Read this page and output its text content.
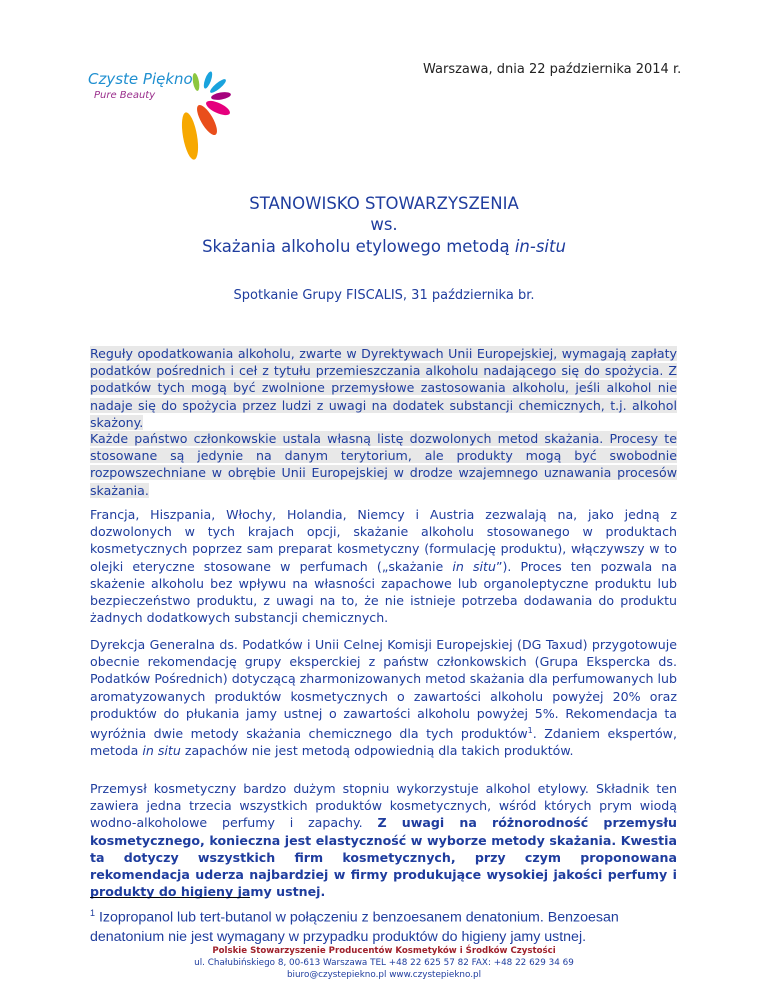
Czyste Piękno
Pure Beauty
Warszawa, dnia 22 października 2014 r.
STANOWISKO STOWARZYSZENIA
ws.
Skażania alkoholu etylowego metodą in-situ
Spotkanie Grupy FISCALIS, 31 października br.
Reguły opodatkowania alkoholu, zwarte w Dyrektywach Unii Europejskiej, wymagają zapłaty podatków pośrednich i ceł z tytułu przemieszczania alkoholu nadającego się do spożycia. Z podatków tych mogą być zwolnione przemysłowe zastosowania alkoholu, jeśli alkohol nie nadaje się do spożycia przez ludzi z uwagi na dodatek substancji chemicznych, t.j. alkohol skażony.
Każde państwo członkowskie ustala własną listę dozwolonych metod skażania. Procesy te stosowane są jedynie na danym terytorium, ale produkty mogą być swobodnie rozpowszechniane w obrębie Unii Europejskiej w drodze wzajemnego uznawania procesów skażania.
Francja, Hiszpania, Włochy, Holandia, Niemcy i Austria zezwalają na, jako jedną z dozwolonych w tych krajach opcji, skażanie alkoholu stosowanego w produktach kosmetycznych poprzez sam preparat kosmetyczny (formulację produktu), włączywszy w to olejki eteryczne stosowane w perfumach („skażanie in situ”). Proces ten pozwala na skażenie alkoholu bez wpływu na własności zapachowe lub organoleptyczne produktu lub bezpieczeństwo produktu, z uwagi na to, że nie istnieje potrzeba dodawania do produktu żadnych dodatkowych substancji chemicznych.
Dyrekcja Generalna ds. Podatków i Unii Celnej Komisji Europejskiej (DG Taxud) przygotowuje obecnie rekomendację grupy eksperckiej z państw członkowskich (Grupa Ekspercka ds. Podatków Pośrednich) dotyczącą zharmonizowanych metod skażania dla perfumowanych lub aromatyzowanych produktów kosmetycznych o zawartości alkoholu powyżej 20% oraz produktów do płukania jamy ustnej o zawartości alkoholu powyżej 5%. Rekomendacja ta wyróżnia dwie metody skażania chemicznego dla tych produktów$^1$. Zdaniem ekspertów, metoda in situ zapachów nie jest metodą odpowiednią dla takich produktów.
Przemysł kosmetyczny bardzo dużym stopniu wykorzystuje alkohol etylowy. Składnik ten zawiera jedna trzecia wszystkich produktów kosmetycznych, wśród których prym wiodą wodno-alkoholowe perfumy i zapachy. Z uwagi na różnorodność przemysłu kosmetycznego, konieczna jest elastyczność w wyborze metody skażania. Kwestia ta dotyczy wszystkich firm kosmetycznych, przy czym proponowana rekomendacja uderza najbardziej w firmy produkujące wysokiej jakości perfumy i produkty do higieny jamy ustnej.
$^1$ Izopropanol lub tert-butanol w połączeniu z benzoesanem denatonium. Benzoesan denatonium nie jest wymagany w przypadku produktów do higieny jamy ustnej.
Polskie Stowarzyszenie Producentów Kosmetyków i Środków Czystości
ul. Chałubińskiego 8, 00-613 Warszawa TEL +48 22 625 57 82 FAX: +48 22 629 34 69
biuro@czystepiekno.pl www.czystepiekno.pl
